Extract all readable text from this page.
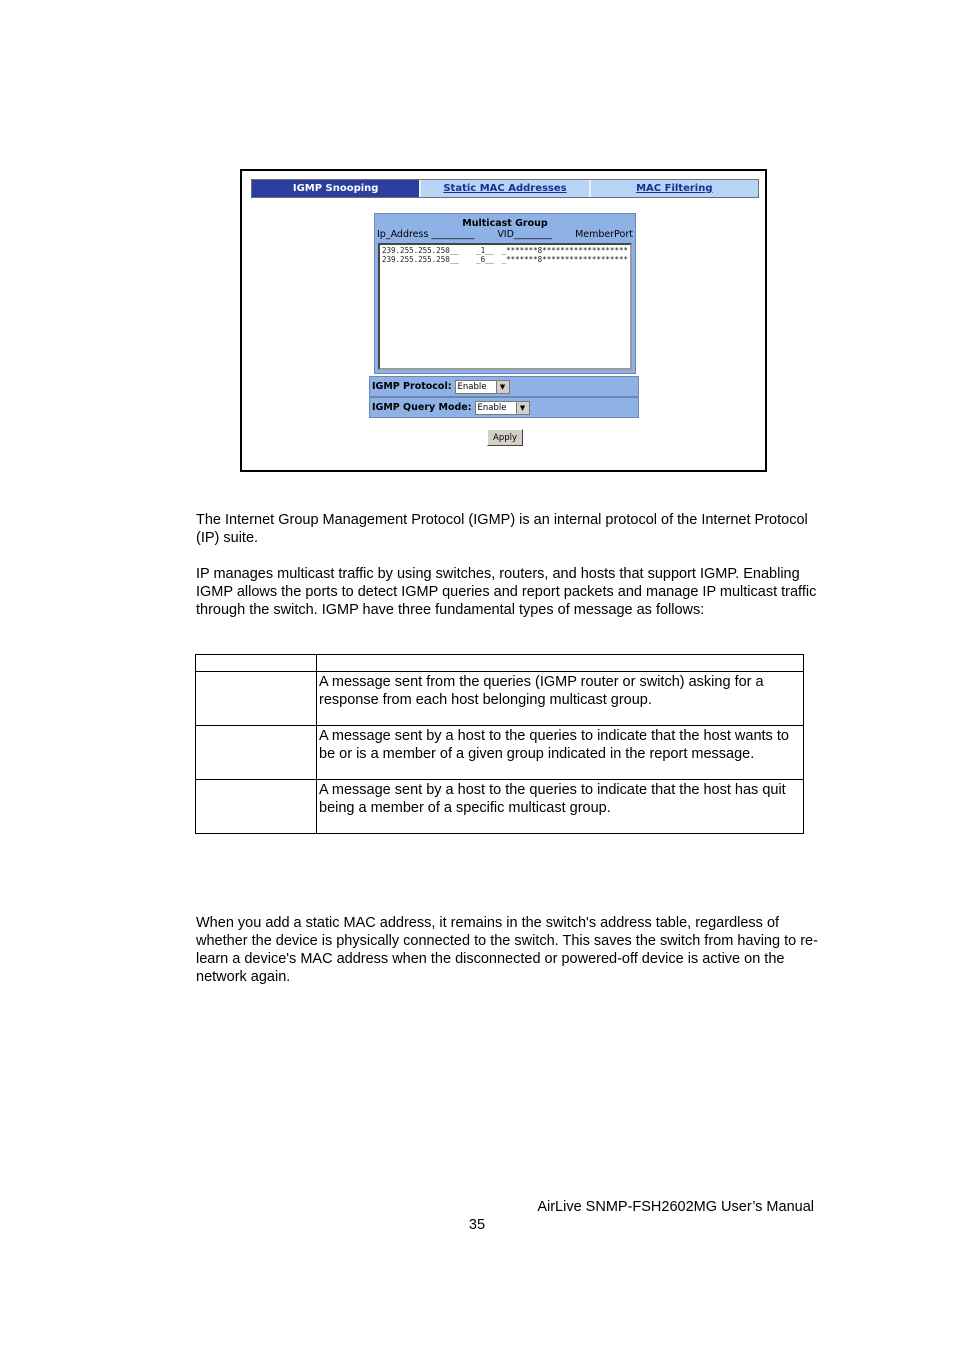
IGMP Snooping	Static MAC Addresses	MAC Filtering
Multicast Group
Ip_Address _________ VID________ MemberPort
239.255.255.250__	_1__ _*******8*******************
239.255.255.250__	_6__ _*******8*******************
IGMP Protocol: Enable	▼
IGMP Query Mode: Enable	▼
Apply
The Internet Group Management Protocol (IGMP) is an internal protocol of the Internet Protocol (IP) suite.
IP manages multicast traffic by using switches, routers, and hosts that support IGMP. Enabling IGMP allows the ports to detect IGMP queries and report packets and manage IP multicast traffic through the switch. IGMP have three fundamental types of message as follows:

	A message sent from the queries (IGMP router or switch) asking for a response from each host belonging multicast group.
	A message sent by a host to the queries to indicate that the host wants to be or is a member of a given group indicated in the report message.
	A message sent by a host to the queries to indicate that the host has quit being a member of a specific multicast group.
When you add a static MAC address, it remains in the switch's address table, regardless of whether the device is physically connected to the switch. This saves the switch from having to re-learn a device's MAC address when the disconnected or powered-off device is active on the network again.
AirLive SNMP-FSH2602MG User’s Manual
35
